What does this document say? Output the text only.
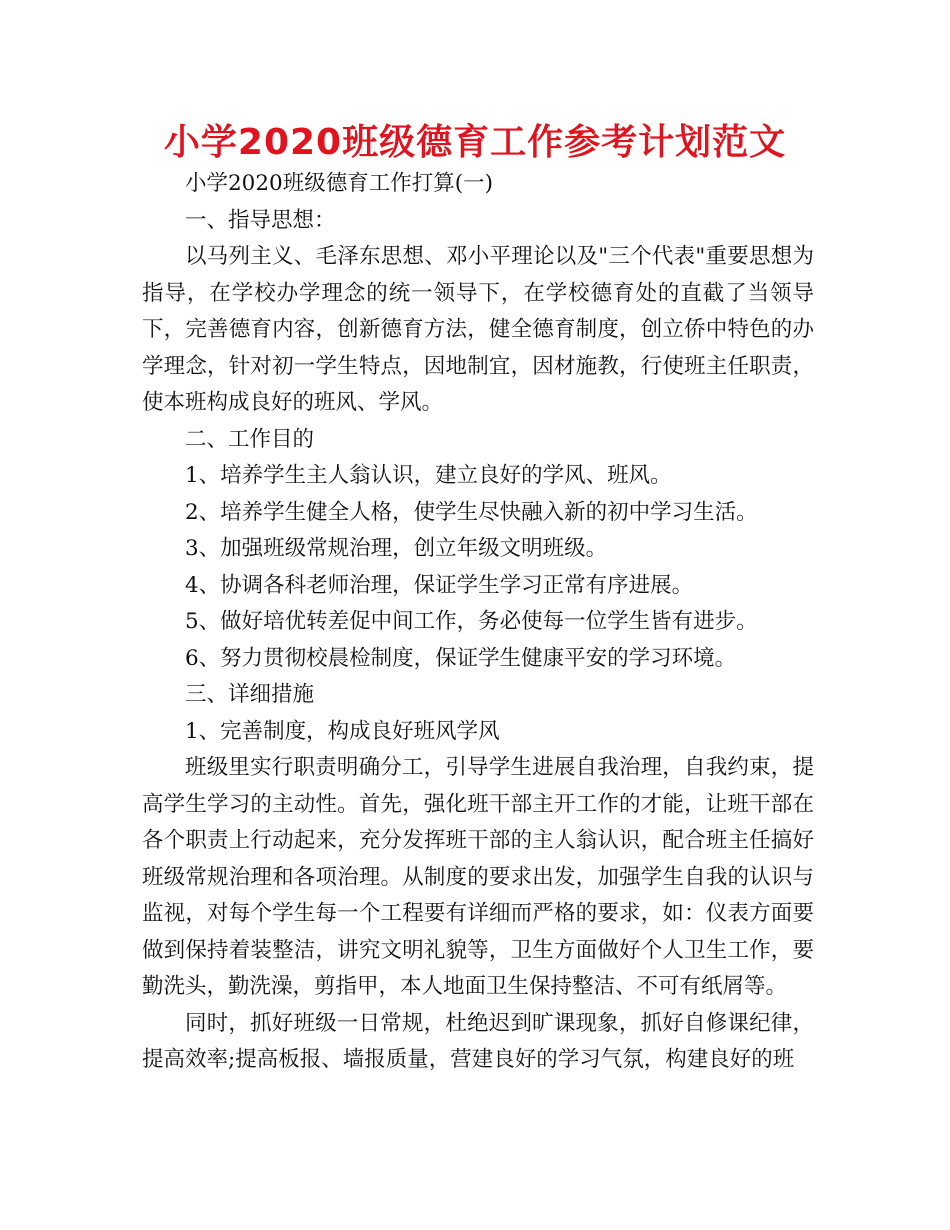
小学2020班级德育工作参考计划范文

小学2020班级德育工作打算(一)

一、指导思想：

以马列主义、毛泽东思想、邓小平理论以及"三个代表"重要思想为指导，在学校办学理念的统一领导下，在学校德育处的直截了当领导下，完善德育内容，创新德育方法，健全德育制度，创立侨中特色的办学理念，针对初一学生特点，因地制宜，因材施教，行使班主任职责，使本班构成良好的班风、学风。

二、工作目的

1、培养学生主人翁认识，建立良好的学风、班风。

2、培养学生健全人格，使学生尽快融入新的初中学习生活。

3、加强班级常规治理，创立年级文明班级。

4、协调各科老师治理，保证学生学习正常有序进展。

5、做好培优转差促中间工作，务必使每一位学生皆有进步。

6、努力贯彻校晨检制度，保证学生健康平安的学习环境。

三、详细措施

1、完善制度，构成良好班风学风

班级里实行职责明确分工，引导学生进展自我治理，自我约束，提高学生学习的主动性。首先，强化班干部主开工作的才能，让班干部在各个职责上行动起来，充分发挥班干部的主人翁认识，配合班主任搞好班级常规治理和各项治理。从制度的要求出发，加强学生自我的认识与监视，对每个学生每一个工程要有详细而严格的要求，如：仪表方面要做到保持着装整洁，讲究文明礼貌等，卫生方面做好个人卫生工作，要勤洗头，勤洗澡，剪指甲，本人地面卫生保持整洁、不可有纸屑等。

同时，抓好班级一日常规，杜绝迟到旷课现象，抓好自修课纪律，提高效率;提高板报、墙报质量，营建良好的学习气氛，构建良好的班
